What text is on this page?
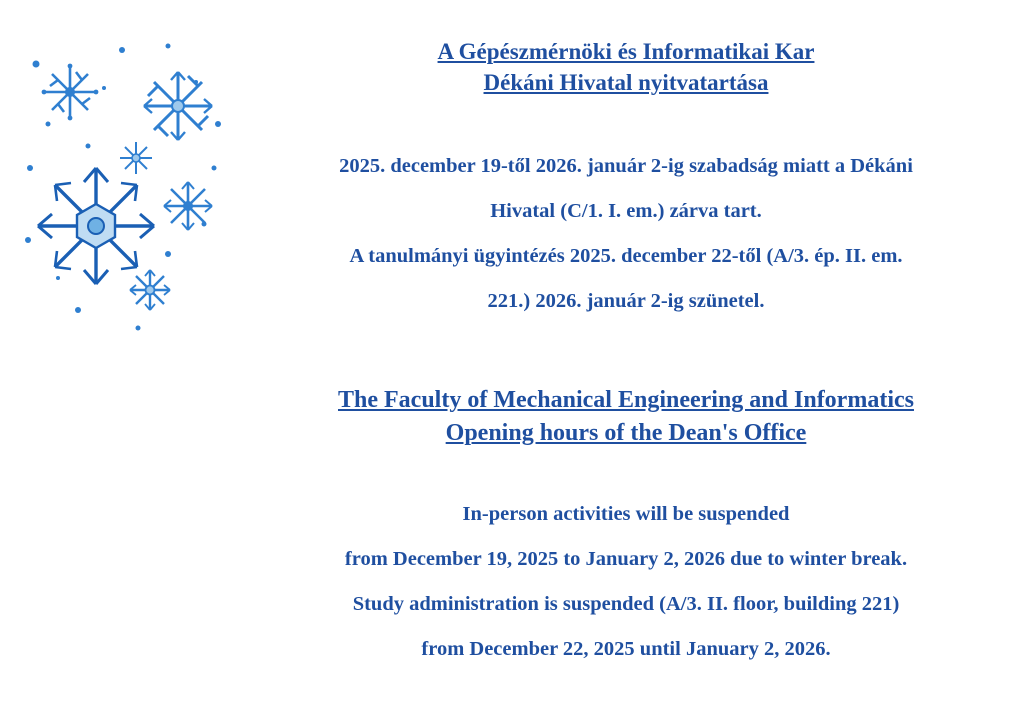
A Gépészmérnöki és Informatikai Kar

Dékáni Hivatal nyitvatartása

2025. december 19-től 2026. január 2-ig szabadság miatt a Dékáni

Hivatal (C/1. I. em.) zárva tart.

A tanulmányi ügyintézés 2025. december 22-től (A/3. ép. II. em.

221.) 2026. január 2-ig szünetel.

The Faculty of Mechanical Engineering and Informatics

Opening hours of the Dean's Office

In-person activities will be suspended

from December 19, 2025 to January 2, 2026 due to winter break.

Study administration is suspended (A/3. II. floor, building 221)

from December 22, 2025 until January 2, 2026.
